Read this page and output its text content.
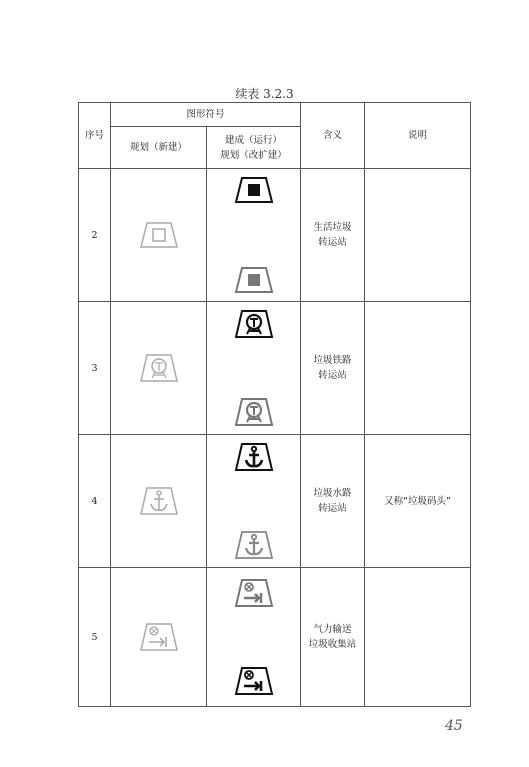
续表 3.2.3
序号	图形符号		含义	说明
	规划（新建）	建成（运行）
规划（改扩建）		

2			生活垃圾
转运站	

3			垃圾铁路
转运站	

4			垃圾水路
转运站	又称“垃圾码头”
5			气力输送
垃圾收集站	

45
